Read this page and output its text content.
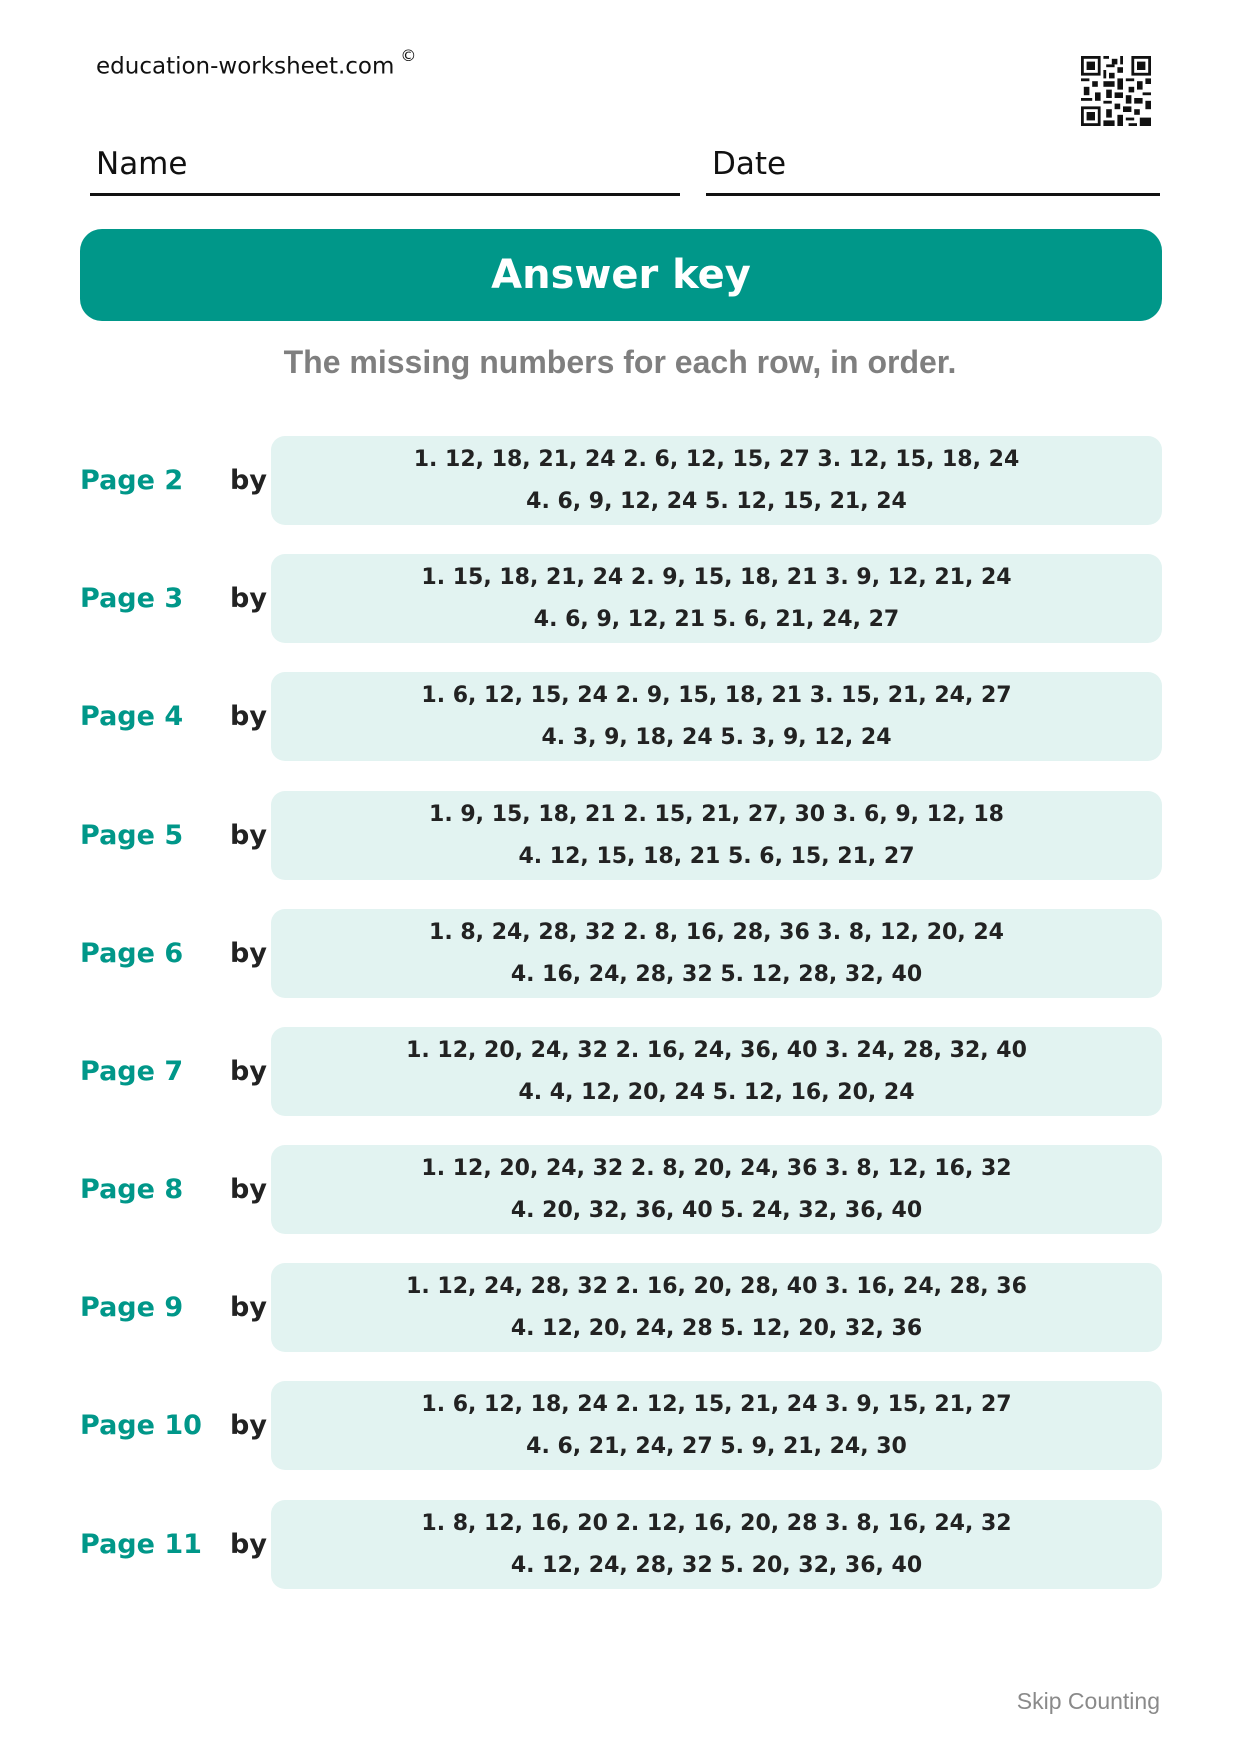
education-worksheet.com ©
Name	Date
Answer key
The missing numbers for each row, in order.
Page 2 by
1. 12, 18, 21, 24 2. 6, 12, 15, 27 3. 12, 15, 18, 24
4. 6, 9, 12, 24 5. 12, 15, 21, 24
Page 3 by
1. 15, 18, 21, 24 2. 9, 15, 18, 21 3. 9, 12, 21, 24
4. 6, 9, 12, 21 5. 6, 21, 24, 27
Page 4 by
1. 6, 12, 15, 24 2. 9, 15, 18, 21 3. 15, 21, 24, 27
4. 3, 9, 18, 24 5. 3, 9, 12, 24
Page 5 by
1. 9, 15, 18, 21 2. 15, 21, 27, 30 3. 6, 9, 12, 18
4. 12, 15, 18, 21 5. 6, 15, 21, 27
Page 6 by
1. 8, 24, 28, 32 2. 8, 16, 28, 36 3. 8, 12, 20, 24
4. 16, 24, 28, 32 5. 12, 28, 32, 40
Page 7 by
1. 12, 20, 24, 32 2. 16, 24, 36, 40 3. 24, 28, 32, 40
4. 4, 12, 20, 24 5. 12, 16, 20, 24
Page 8 by
1. 12, 20, 24, 32 2. 8, 20, 24, 36 3. 8, 12, 16, 32
4. 20, 32, 36, 40 5. 24, 32, 36, 40
Page 9 by
1. 12, 24, 28, 32 2. 16, 20, 28, 40 3. 16, 24, 28, 36
4. 12, 20, 24, 28 5. 12, 20, 32, 36
Page 10 by
1. 6, 12, 18, 24 2. 12, 15, 21, 24 3. 9, 15, 21, 27
4. 6, 21, 24, 27 5. 9, 21, 24, 30
Page 11 by
1. 8, 12, 16, 20 2. 12, 16, 20, 28 3. 8, 16, 24, 32
4. 12, 24, 28, 32 5. 20, 32, 36, 40
Skip Counting
